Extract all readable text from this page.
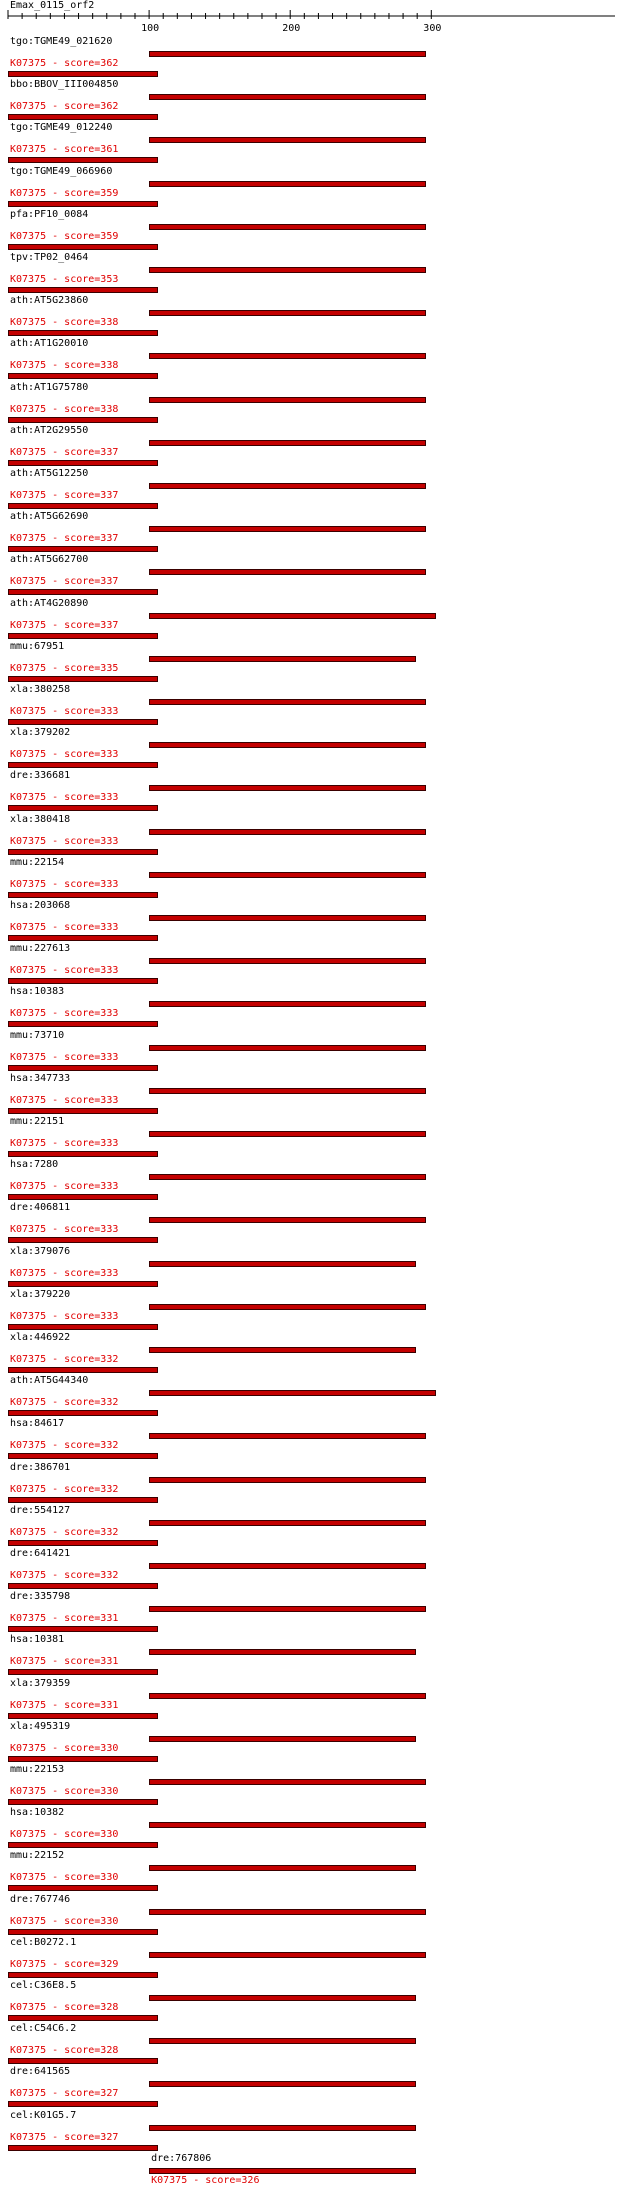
100	200	300
Emax_0115_orf2
tgo:TGME49_021620
K07375 - score=362
bbo:BBOV_III004850
K07375 - score=362
tgo:TGME49_012240
K07375 - score=361
tgo:TGME49_066960
K07375 - score=359
pfa:PF10_0084
K07375 - score=359
tpv:TP02_0464
K07375 - score=353
ath:AT5G23860
K07375 - score=338
ath:AT1G20010
K07375 - score=338
ath:AT1G75780
K07375 - score=338
ath:AT2G29550
K07375 - score=337
ath:AT5G12250
K07375 - score=337
ath:AT5G62690
K07375 - score=337
ath:AT5G62700
K07375 - score=337
ath:AT4G20890
K07375 - score=337
mmu:67951
K07375 - score=335
xla:380258
K07375 - score=333
xla:379202
K07375 - score=333
dre:336681
K07375 - score=333
xla:380418
K07375 - score=333
mmu:22154
K07375 - score=333
hsa:203068
K07375 - score=333
mmu:227613
K07375 - score=333
hsa:10383
K07375 - score=333
mmu:73710
K07375 - score=333
hsa:347733
K07375 - score=333
mmu:22151
K07375 - score=333
hsa:7280
K07375 - score=333
dre:406811
K07375 - score=333
xla:379076
K07375 - score=333
xla:379220
K07375 - score=333
xla:446922
K07375 - score=332
ath:AT5G44340
K07375 - score=332
hsa:84617
K07375 - score=332
dre:386701
K07375 - score=332
dre:554127
K07375 - score=332
dre:641421
K07375 - score=332
dre:335798
K07375 - score=331
hsa:10381
K07375 - score=331
xla:379359
K07375 - score=331
xla:495319
K07375 - score=330
mmu:22153
K07375 - score=330
hsa:10382
K07375 - score=330
mmu:22152
K07375 - score=330
dre:767746
K07375 - score=330
cel:B0272.1
K07375 - score=329
cel:C36E8.5
K07375 - score=328
cel:C54C6.2
K07375 - score=328
dre:641565
K07375 - score=327
cel:K01G5.7
K07375 - score=327
dre:767806
K07375 - score=326
